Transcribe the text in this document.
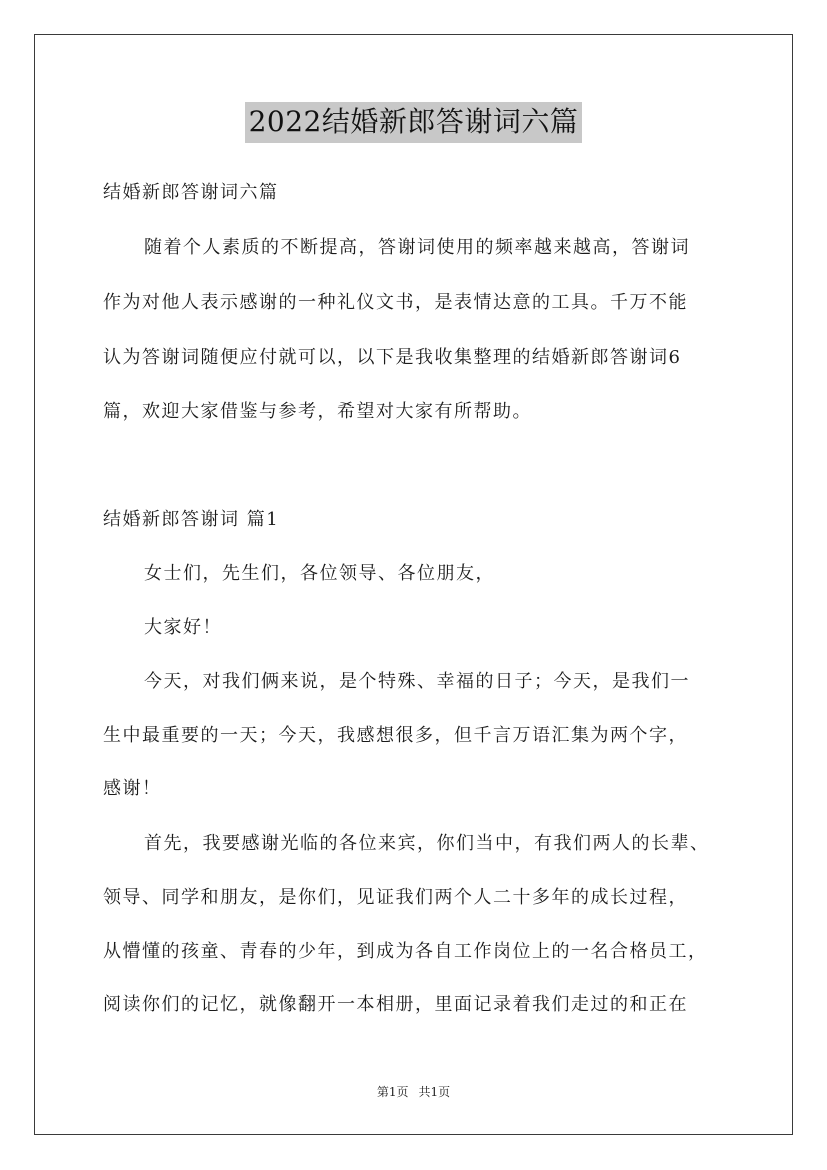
2022结婚新郎答谢词六篇
结婚新郎答谢词六篇
随着个人素质的不断提高，答谢词使用的频率越来越高，答谢词
作为对他人表示感谢的一种礼仪文书，是表情达意的工具。千万不能
认为答谢词随便应付就可以，以下是我收集整理的结婚新郎答谢词6
篇，欢迎大家借鉴与参考，希望对大家有所帮助。
结婚新郎答谢词 篇1
女士们，先生们，各位领导、各位朋友，
大家好！
今天，对我们俩来说，是个特殊、幸福的日子；今天，是我们一
生中最重要的一天；今天，我感想很多，但千言万语汇集为两个字，
感谢！
首先，我要感谢光临的各位来宾，你们当中，有我们两人的长辈、
领导、同学和朋友，是你们，见证我们两个人二十多年的成长过程，
从懵懂的孩童、青春的少年，到成为各自工作岗位上的一名合格员工，
阅读你们的记忆，就像翻开一本相册，里面记录着我们走过的和正在
第1页 共1页
